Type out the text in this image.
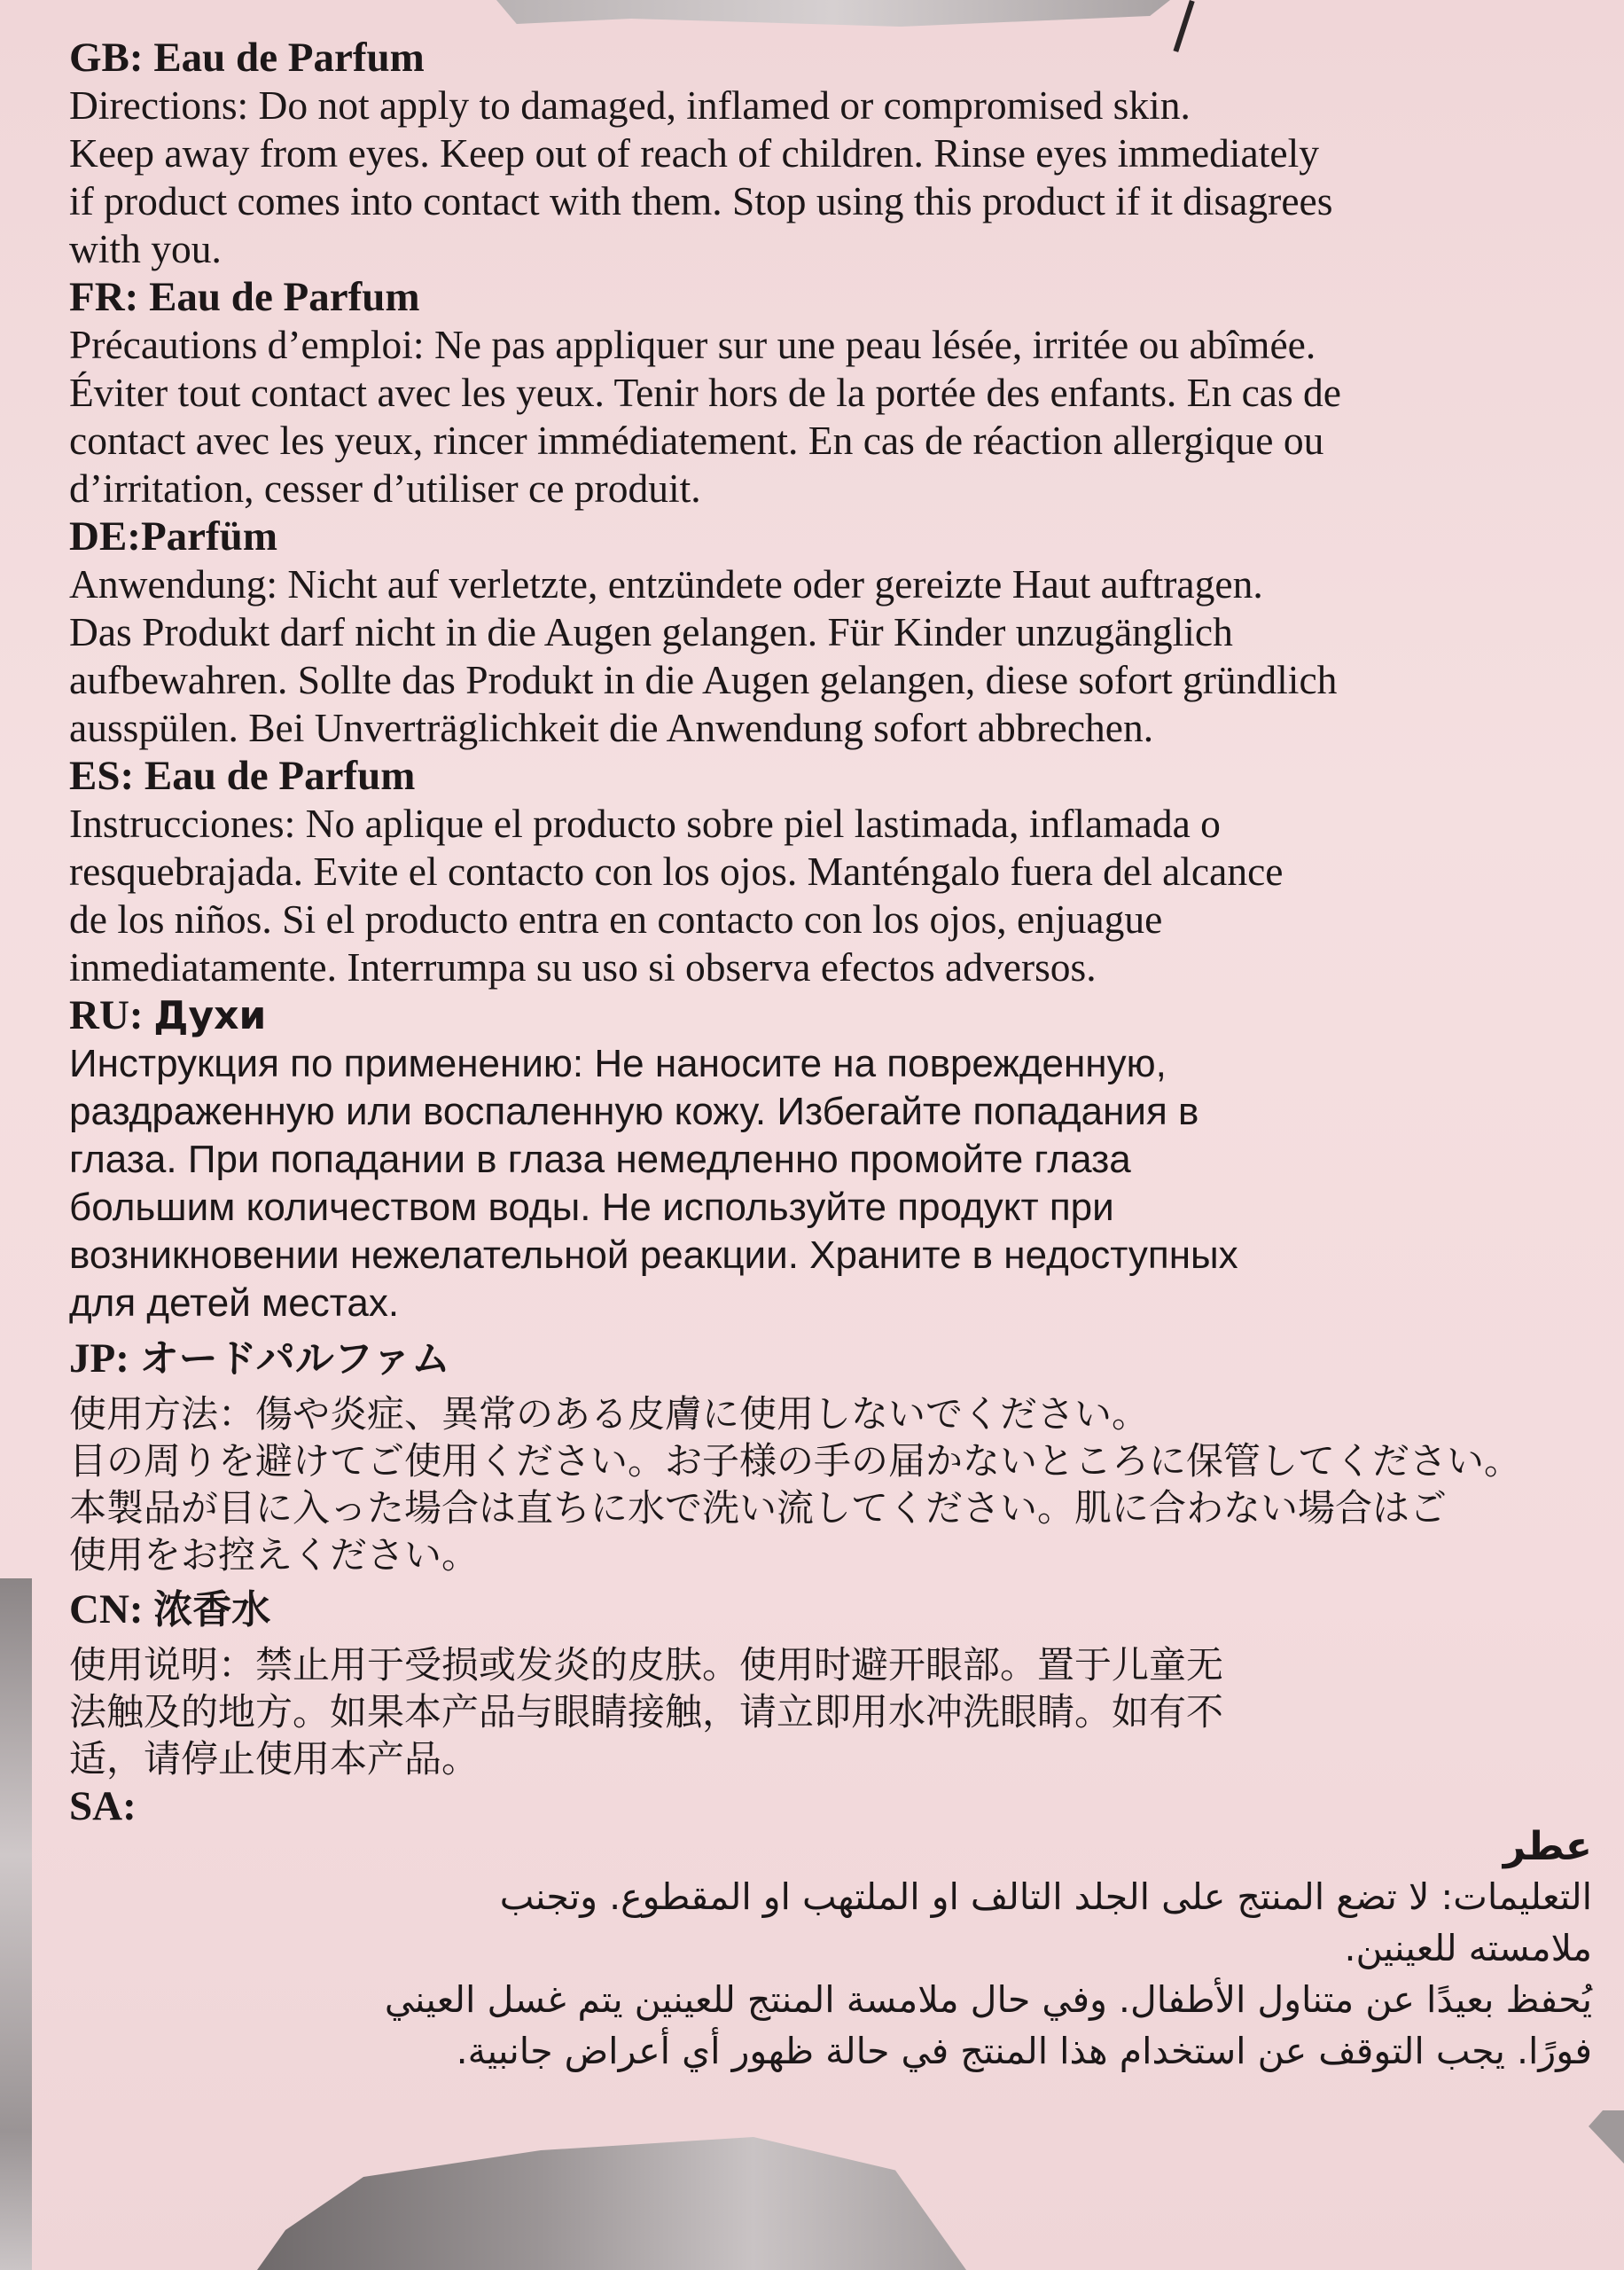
GB: Eau de Parfum

Directions: Do not apply to damaged, inflamed or compromised skin.
Keep away from eyes. Keep out of reach of children. Rinse eyes immediately
if product comes into contact with them. Stop using this product if it disagrees
with you.

FR: Eau de Parfum

Précautions d’emploi: Ne pas appliquer sur une peau lésée, irritée ou abîmée.
Éviter tout contact avec les yeux. Tenir hors de la portée des enfants. En cas de
contact avec les yeux, rincer immédiatement. En cas de réaction allergique ou
d’irritation, cesser d’utiliser ce produit.

DE:Parfüm

Anwendung: Nicht auf verletzte, entzündete oder gereizte Haut auftragen.
Das Produkt darf nicht in die Augen gelangen. Für Kinder unzugänglich
aufbewahren. Sollte das Produkt in die Augen gelangen, diese sofort gründlich
ausspülen. Bei Unverträglichkeit die Anwendung sofort abbrechen.

ES: Eau de Parfum

Instrucciones: No aplique el producto sobre piel lastimada, inflamada o
resquebrajada. Evite el contacto con los ojos. Manténgalo fuera del alcance
de los niños. Si el producto entra en contacto con los ojos, enjuague
inmediatamente. Interrumpa su uso si observa efectos adversos.

RU: Духи

Инструкция по применению: Не наносите на поврежденную,
раздраженную или воспаленную кожу. Избегайте попадания в
глаза. При попадании в глаза немедленно промойте глаза
большим количеством воды. Не используйте продукт при
возникновении нежелательной реакции. Храните в недоступных
для детей местах.

JP: オードパルファム

使用方法：傷や炎症、異常のある皮膚に使用しないでください。
目の周りを避けてご使用ください。お子様の手の届かないところに保管してください。
本製品が目に入った場合は直ちに水で洗い流してください。肌に合わない場合はご
使用をお控えください。

CN: 浓香水

使用说明：禁止用于受损或发炎的皮肤。使用时避开眼部。置于儿童无
法触及的地方。如果本产品与眼睛接触，请立即用水冲洗眼睛。如有不
适，请停止使用本产品。

SA:

عطر

التعليمات: لا تضع المنتج على الجلد التالف او الملتهب او المقطوع. وتجنب
ملامسته للعينين.
يُحفظ بعيدًا عن متناول الأطفال. وفي حال ملامسة المنتج للعينين يتم غسل العيني
فورًا. يجب التوقف عن استخدام هذا المنتج في حالة ظهور أي أعراض جانبية.
